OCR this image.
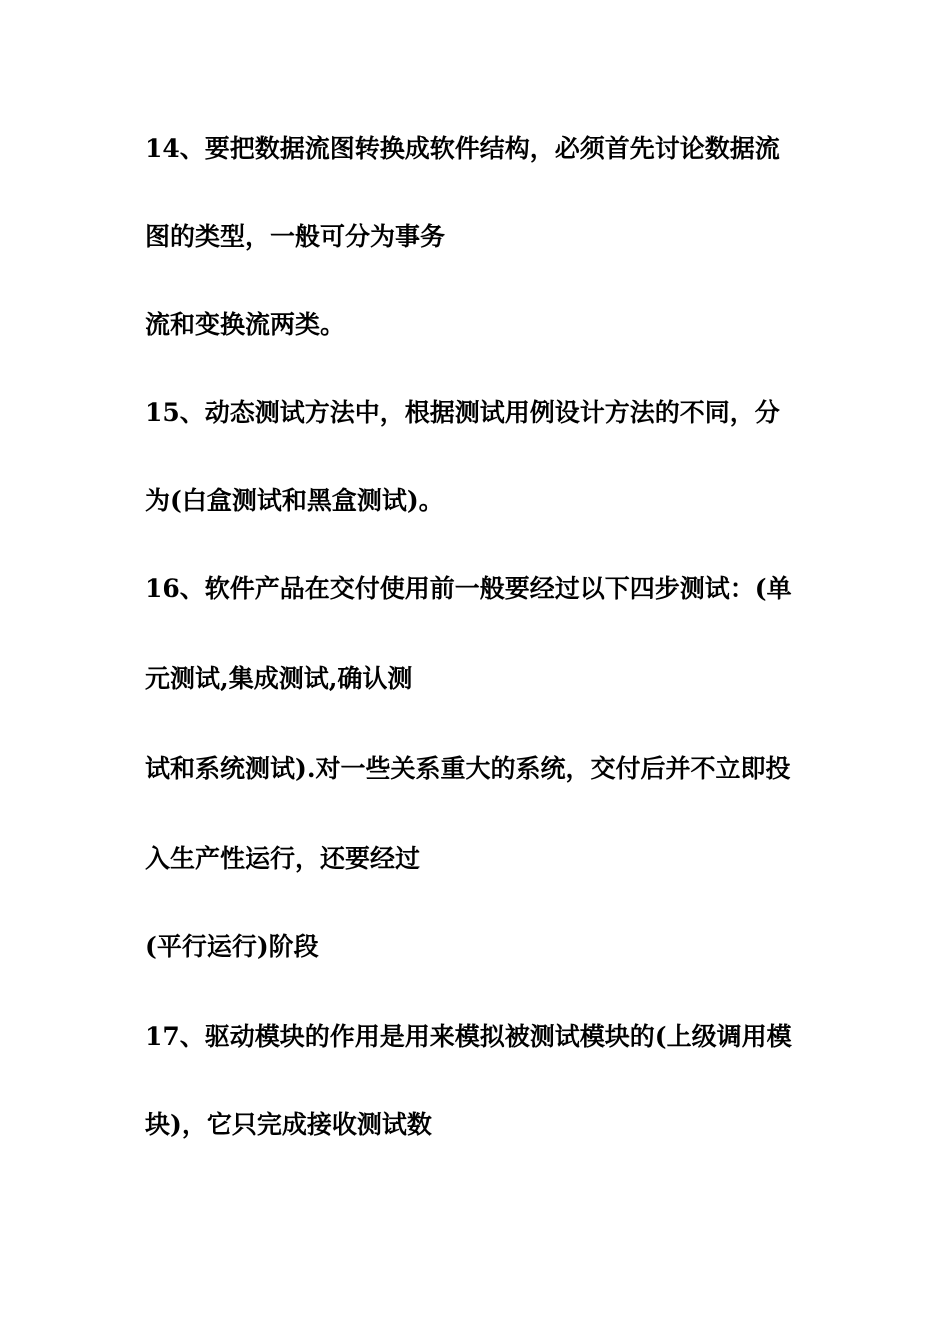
14、要把数据流图转换成软件结构，必须首先讨论数据流
图的类型，一般可分为事务
流和变换流两类。
15、动态测试方法中，根据测试用例设计方法的不同，分
为(白盒测试和黑盒测试)。
16、软件产品在交付使用前一般要经过以下四步测试：(单
元测试,集成测试,确认测
试和系统测试).对一些关系重大的系统，交付后并不立即投
入生产性运行，还要经过
(平行运行)阶段
17、驱动模块的作用是用来模拟被测试模块的(上级调用模
块)，它只完成接收测试数
